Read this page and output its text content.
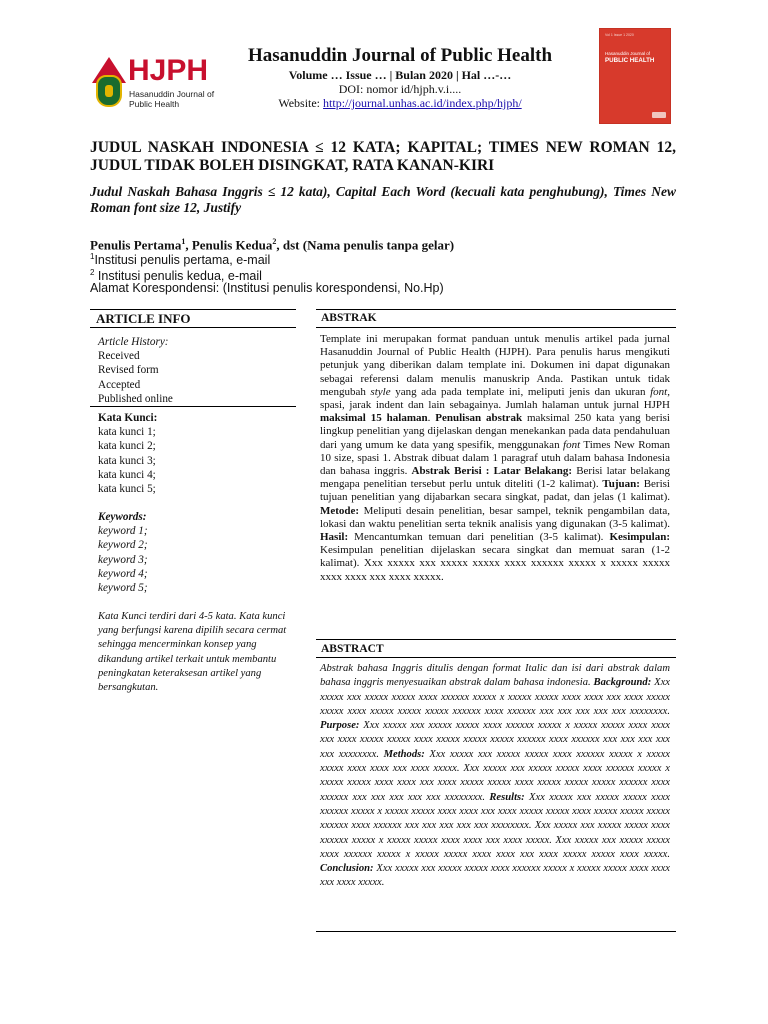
HJPH
Hasanuddin Journal of
Public Health
Hasanuddin Journal of Public Health
Volume … Issue … | Bulan 2020 | Hal …-…
DOI: nomor id/hjph.v.i....
Website: http://journal.unhas.ac.id/index.php/hjph/
Vol 1 Issue 1 2020
Hasanuddin Journal of
PUBLIC HEALTH
JUDUL NASKAH INDONESIA ≤ 12 KATA; KAPITAL; TIMES NEW ROMAN 12, JUDUL TIDAK BOLEH DISINGKAT, RATA KANAN-KIRI
Judul Naskah Bahasa Inggris ≤ 12 kata), Capital Each Word (kecuali kata penghubung), Times New Roman font size 12, Justify
Penulis Pertama$^1$, Penulis Kedua$^2$, dst (Nama penulis tanpa gelar)
$^1$Institusi penulis pertama, e-mail
$^2$ Institusi penulis kedua, e-mail
Alamat Korespondensi: (Institusi penulis korespondensi, No.Hp)
ARTICLE INFO
Article History:
Received
Revised form
Accepted
Published online
Kata Kunci:
kata kunci 1;
kata kunci 2;
kata kunci 3;
kata kunci 4;
kata kunci 5;
Keywords:
keyword 1;
keyword 2;
keyword 3;
keyword 4;
keyword 5;
Kata Kunci terdiri dari 4-5 kata. Kata kunci yang berfungsi karena dipilih secara cermat sehingga mencerminkan konsep yang dikandung artikel terkait untuk membantu peningkatan keteraksesan artikel yang bersangkutan.
ABSTRAK
Template ini merupakan format panduan untuk menulis artikel pada jurnal Hasanuddin Journal of Public Health (HJPH). Para penulis harus mengikuti petunjuk yang diberikan dalam template ini. Dokumen ini dapat digunakan sebagai referensi dalam menulis manuskrip Anda. Pastikan untuk tidak mengubah style yang ada pada template ini, meliputi jenis dan ukuran font, spasi, jarak indent dan lain sebagainya. Jumlah halaman untuk jurnal HJPH maksimal 15 halaman. Penulisan abstrak maksimal 250 kata yang berisi lingkup penelitian yang dijelaskan dengan menekankan pada data pendahuluan dari yang umum ke data yang spesifik, menggunakan font Times New Roman 10 size, spasi 1. Abstrak dibuat dalam 1 paragraf utuh dalam bahasa Indonesia dan bahasa inggris. Abstrak Berisi : Latar Belakang: Berisi latar belakang mengapa penelitian tersebut perlu untuk diteliti (1-2 kalimat). Tujuan: Berisi tujuan penelitian yang dijabarkan secara singkat, padat, dan jelas (1 kalimat). Metode: Meliputi desain penelitian, besar sampel, teknik pengambilan data, lokasi dan waktu penelitian serta teknik analisis yang digunakan (3-5 kalimat). Hasil: Mencantumkan temuan dari penelitian (3-5 kalimat). Kesimpulan: Kesimpulan penelitian dijelaskan secara singkat dan memuat saran (1-2 kalimat). Xxx xxxxx xxx xxxxx xxxxx xxxx xxxxxx xxxxx x xxxxx xxxxx xxxx xxxx xxx xxxx xxxxx.
ABSTRACT
Abstrak bahasa Inggris ditulis dengan format Italic dan isi dari abstrak dalam bahasa inggris menyesuaikan abstrak dalam bahasa indonesia. Background: Xxx xxxxx xxx xxxxx xxxxx xxxx xxxxxx xxxxx x xxxxx xxxxx xxxx xxxx xxx xxxx xxxxx xxxxx xxxx xxxxx xxxxx xxxxx xxxxxx xxxx xxxxxx xxx xxx xxx xxx xxx xxxxxxxx. Purpose: Xxx xxxxx xxx xxxxx xxxxx xxxx xxxxxx xxxxx x xxxxx xxxxx xxxx xxxx xxx xxxx xxxxx xxxxx xxxx xxxxx xxxxx xxxxx xxxxxx xxxx xxxxxx xxx xxx xxx xxx xxx xxxxxxxx. Methods: Xxx xxxxx xxx xxxxx xxxxx xxxx xxxxxx xxxxx x xxxxx xxxxx xxxx xxxx xxx xxxx xxxxx. Xxx xxxxx xxx xxxxx xxxxx xxxx xxxxxx xxxxx x xxxxx xxxxx xxxx xxxx xxx xxxx xxxxx xxxxx xxxx xxxxx xxxxx xxxxx xxxxxx xxxx xxxxxx xxx xxx xxx xxx xxx xxxxxxxx. Results: Xxx xxxxx xxx xxxxx xxxxx xxxx xxxxxx xxxxx x xxxxx xxxxx xxxx xxxx xxx xxxx xxxxx xxxxx xxxx xxxxx xxxxx xxxxx xxxxxx xxxx xxxxxx xxx xxx xxx xxx xxx xxxxxxxx. Xxx xxxxx xxx xxxxx xxxxx xxxx xxxxxx xxxxx x xxxxx xxxxx xxxx xxxx xxx xxxx xxxxx. Xxx xxxxx xxx xxxxx xxxxx xxxx xxxxxx xxxxx x xxxxx xxxxx xxxx xxxx xxx xxxx xxxxx xxxxx xxxx xxxxx. Conclusion: Xxx xxxxx xxx xxxxx xxxxx xxxx xxxxxx xxxxx x xxxxx xxxxx xxxx xxxx xxx xxxx xxxxx.
